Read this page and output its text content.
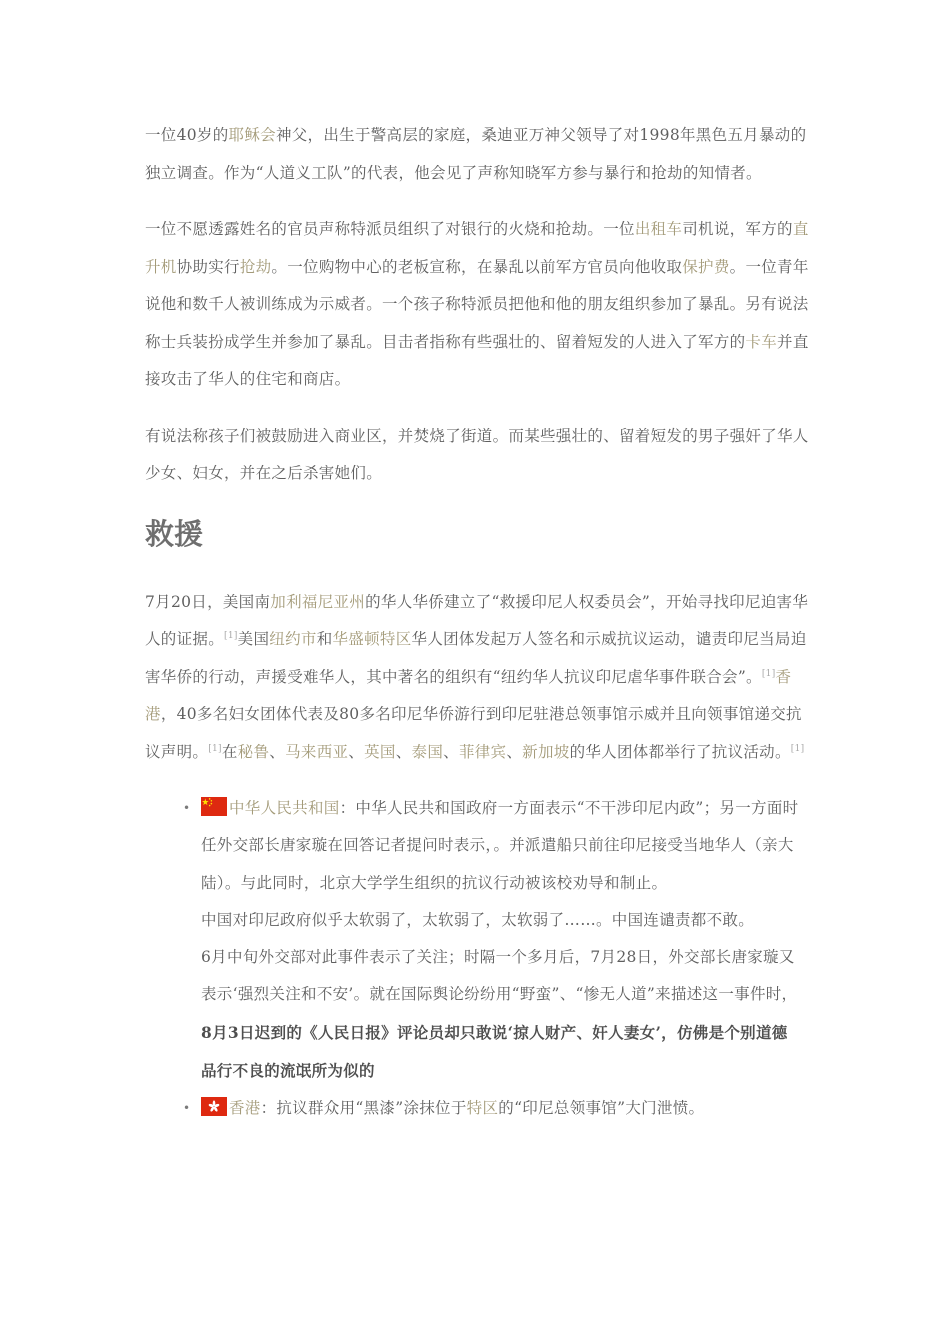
一位40岁的耶稣会神父，出生于警高层的家庭，桑迪亚万神父领导了对1998年黑色五月暴动的独立调查。作为“人道义工队”的代表，他会见了声称知晓军方参与暴行和抢劫的知情者。

一位不愿透露姓名的官员声称特派员组织了对银行的火烧和抢劫。一位出租车司机说，军方的直升机协助实行抢劫。一位购物中心的老板宣称，在暴乱以前军方官员向他收取保护费。一位青年说他和数千人被训练成为示威者。一个孩子称特派员把他和他的朋友组织参加了暴乱。另有说法称士兵装扮成学生并参加了暴乱。目击者指称有些强壮的、留着短发的人进入了军方的卡车并直接攻击了华人的住宅和商店。

有说法称孩子们被鼓励进入商业区，并焚烧了街道。而某些强壮的、留着短发的男子强奸了华人少女、妇女，并在之后杀害她们。

救援

7月20日，美国南加利福尼亚州的华人华侨建立了“救援印尼人权委员会”，开始寻找印尼迫害华人的证据。[1]美国纽约市和华盛顿特区华人团体发起万人签名和示威抗议运动，谴责印尼当局迫害华侨的行动，声援受难华人，其中著名的组织有“纽约华人抗议印尼虐华事件联合会”。[1]香港，40多名妇女团体代表及80多名印尼华侨游行到印尼驻港总领事馆示威并且向领事馆递交抗议声明。[1]在秘鲁、马来西亚、英国、泰国、菲律宾、新加坡的华人团体都举行了抗议活动。[1]

• 中华人民共和国：中华人民共和国政府一方面表示“不干涉印尼内政”；另一方面时任外交部长唐家璇在回答记者提问时表示，。并派遣船只前往印尼接受当地华人（亲大陆）。与此同时，北京大学学生组织的抗议行动被该校劝导和制止。
中国对印尼政府似乎太软弱了，太软弱了，太软弱了……。中国连谴责都不敢。
6月中旬外交部对此事件表示了关注；时隔一个多月后，7月28日，外交部长唐家璇又表示‘强烈关注和不安’。就在国际舆论纷纷用“野蛮”、“惨无人道”来描述这一事件时，8月3日迟到的《人民日报》评论员却只敢说‘掠人财产、奸人妻女’，仿佛是个别道德品行不良的流氓所为似的
• 香港：抗议群众用“黑漆”涂抹位于特区的“印尼总领事馆”大门泄愤。
